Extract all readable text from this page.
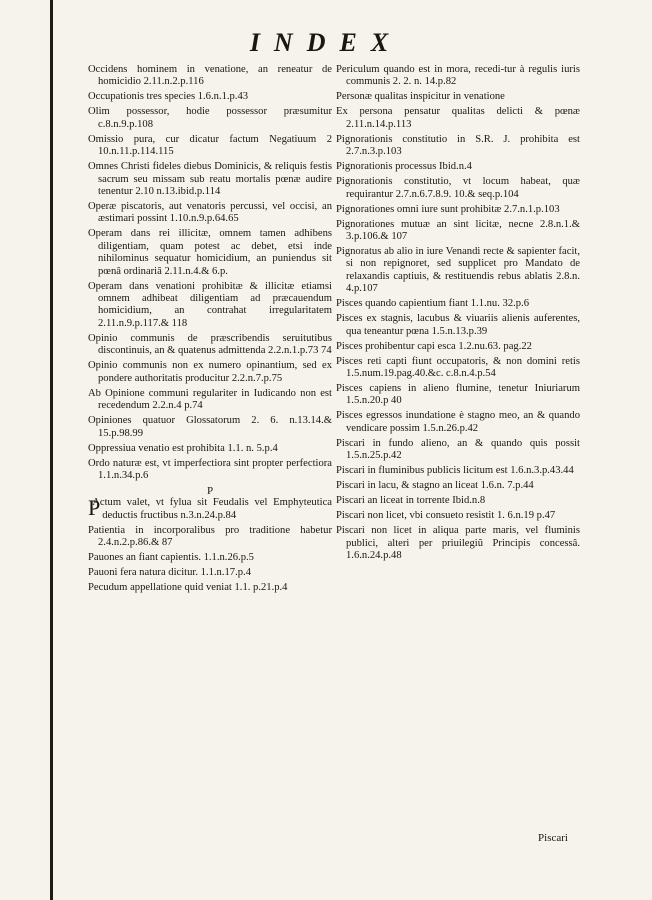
INDEX

Occidens hominem in venatione, an reneatur de homicidio 2.11.n.2.p.116

Occupationis tres species 1.6.n.1.p.43

Olim possessor, hodie possessor præsumitur c.8.n.9.p.108

Omissio pura, cur dicatur factum Negatiuum 2 10.n.11.p.114.115

Omnes Christi fideles diebus Dominicis, & reliquis festis sacrum seu missam sub reatu mortalis pœnæ audire tenentur 2.10 n.13.ibid.p.114

Operæ piscatoris, aut venatoris percussi, vel occisi, an æstimari possint 1.10.n.9.p.64.65

Operam dans rei illicitæ, omnem tamen adhibens diligentiam, quam potest ac debet, etsi inde nihilominus sequatur homicidium, an puniendus sit pœnâ ordinariâ 2.11.n.4.& 6.p.

Operam dans venationi prohibitæ & illicitæ etiamsi omnem adhibeat diligentiam ad præcauendum homicidium, an contrahat irregularitatem 2.11.n.9.p.117.& 118

Opinio communis de præscribendis seruitutibus discontinuis, an & quatenus admittenda 2.2.n.1.p.73 74

Opinio communis non ex numero opinantium, sed ex pondere authoritatis producitur 2.2.n.7.p.75

Ab Opinione communi regulariter in Iudicando non est recedendum 2.2.n.4 p.74

Opiniones quatuor Glossatorum 2. 6. n.13.14.& 15.p.98.99

Oppressiua venatio est prohibita 1.1. n. 5.p.4

Ordo naturæ est, vt imperfectiora sint propter perfectiora 1.1.n.34.p.6

P

PActum valet, vt fylua sit Feudalis vel Emphyteutica deductis fructibus n.3.n.24.p.84

Patientia in incorporalibus pro traditione habetur 2.4.n.2.p.86.& 87

Pauones an fiant capientis. 1.1.n.26.p.5

Pauoni fera natura dicitur. 1.1.n.17.p.4

Pecudum appellatione quid veniat 1.1. p.21.p.4

Periculum quando est in mora, recedi-tur à regulis iuris communis 2. 2. n. 14.p.82

Personæ qualitas inspicitur in venatione

Ex persona pensatur qualitas delicti & pœnæ 2.11.n.14.p.113

Pignorationis constitutio in S.R. J. prohibita est 2.7.n.3.p.103

Pignorationis processus Ibid.n.4

Pignorationis constitutio, vt locum habeat, quæ requirantur 2.7.n.6.7.8.9. 10.& seq.p.104

Pignorationes omni iure sunt prohibitæ 2.7.n.1.p.103

Pignorationes mutuæ an sint licitæ, necne 2.8.n.1.& 3.p.106.& 107

Pignoratus ab alio in iure Venandi recte & sapienter facit, si non repignoret, sed supplicet pro Mandato de relaxandis captiuis, & restituendis rebus ablatis 2.8.n. 4.p.107

Pisces quando capientium fiant 1.1.nu. 32.p.6

Pisces ex stagnis, lacubus & viuariis alienis auferentes, qua teneantur pœna 1.5.n.13.p.39

Pisces prohibentur capi esca 1.2.nu.63. pag.22

Pisces reti capti fiunt occupatoris, & non domini retis 1.5.num.19.pag.40.&c. c.8.n.4.p.54

Pisces capiens in alieno flumine, tenetur Iniuriarum 1.5.n.20.p 40

Pisces egressos inundatione è stagno meo, an & quando vendicare possim 1.5.n.26.p.42

Piscari in fundo alieno, an & quando quis possit 1.5.n.25.p.42

Piscari in fluminibus publicis licitum est 1.6.n.3.p.43.44

Piscari in lacu, & stagno an liceat 1.6.n. 7.p.44

Piscari an liceat in torrente Ibid.n.8

Piscari non licet, vbi consueto resistit 1. 6.n.19 p.47

Piscari non licet in aliqua parte maris, vel fluminis publici, alteri per priuilegiũ Principis concessâ. 1.6.n.24.p.48

Piscari
